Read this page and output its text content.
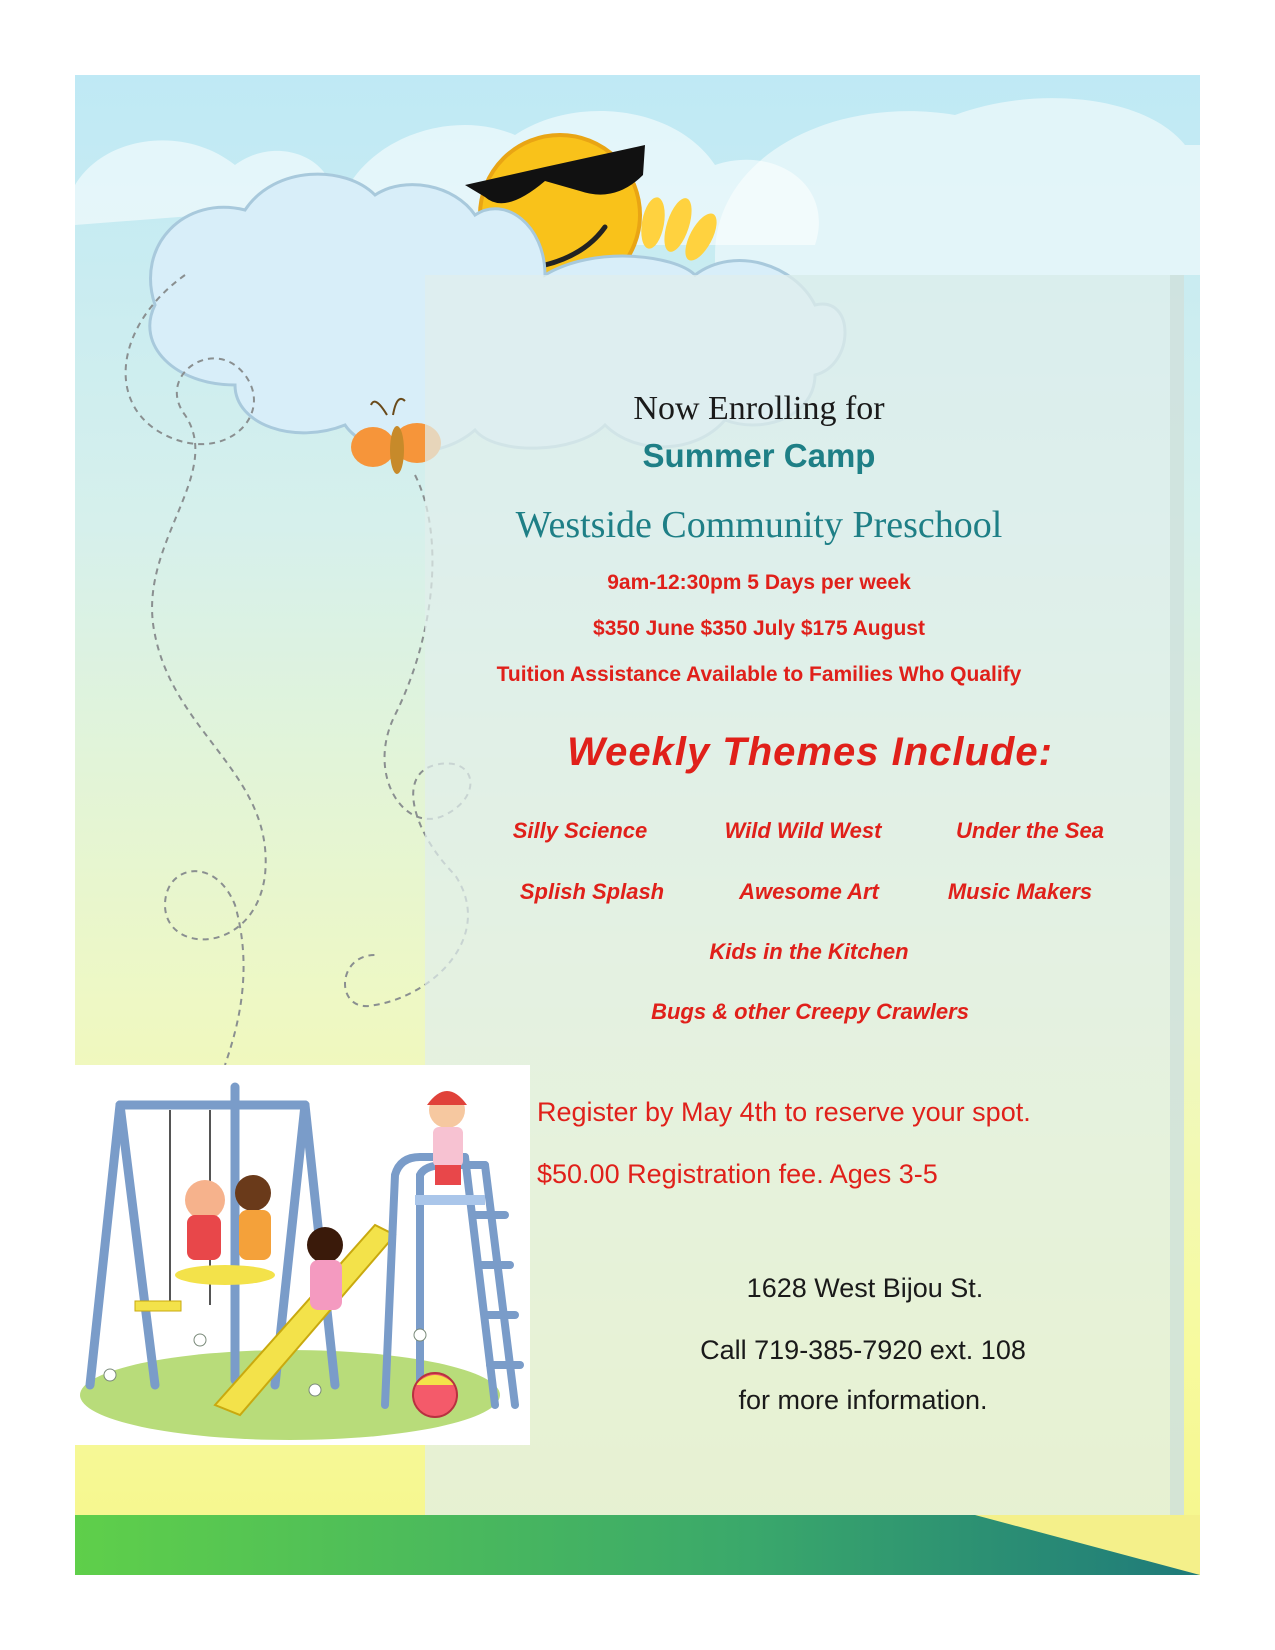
Now Enrolling for
Summer Camp
Westside Community Preschool
9am-12:30pm 5 Days per week
$350 June $350 July $175 August
Tuition Assistance Available to Families Who Qualify
Weekly Themes Include:
Silly Science	Wild Wild West	Under the Sea
Splish Splash	Awesome Art	Music Makers
Kids in the Kitchen
Bugs & other Creepy Crawlers
Register by May 4th to reserve your spot.
$50.00 Registration fee. Ages 3-5
1628 West Bijou St.
Call 719-385-7920 ext. 108
for more information.
